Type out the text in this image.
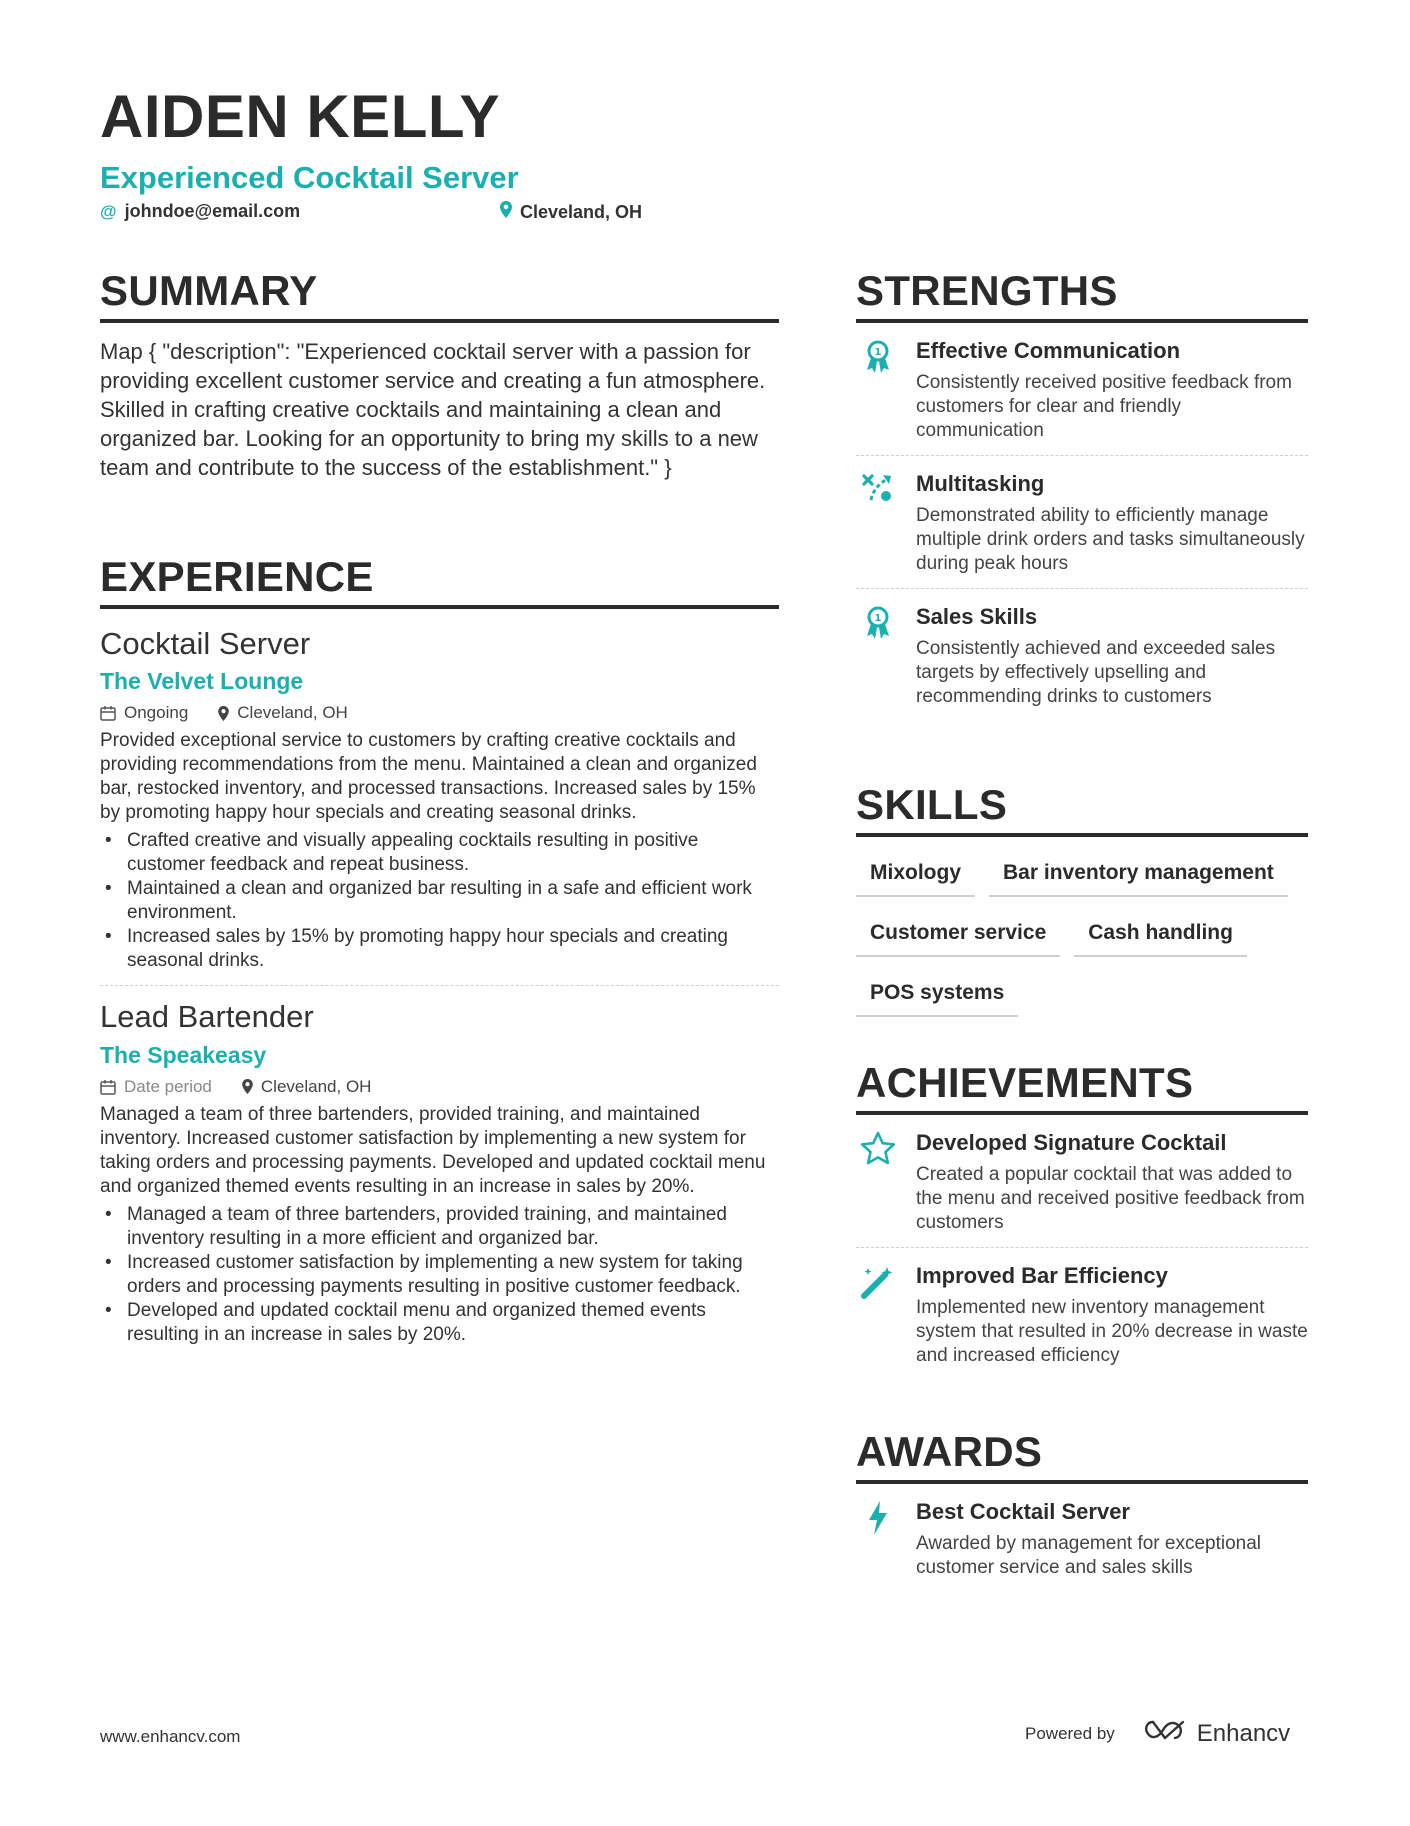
AIDEN KELLY
Experienced Cocktail Server
@ johndoe@email.com	Cleveland, OH
SUMMARY
Map { "description": "Experienced cocktail server with a passion for providing excellent customer service and creating a fun atmosphere. Skilled in crafting creative cocktails and maintaining a clean and organized bar. Looking for an opportunity to bring my skills to a new team and contribute to the success of the establishment." }
EXPERIENCE
Cocktail Server
The Velvet Lounge
Ongoing	Cleveland, OH
Provided exceptional service to customers by crafting creative cocktails and providing recommendations from the menu. Maintained a clean and organized bar, restocked inventory, and processed transactions. Increased sales by 15% by promoting happy hour specials and creating seasonal drinks.
• Crafted creative and visually appealing cocktails resulting in positive customer feedback and repeat business.
• Maintained a clean and organized bar resulting in a safe and efficient work environment.
• Increased sales by 15% by promoting happy hour specials and creating seasonal drinks.
Lead Bartender
The Speakeasy
Date period	Cleveland, OH
Managed a team of three bartenders, provided training, and maintained inventory. Increased customer satisfaction by implementing a new system for taking orders and processing payments. Developed and updated cocktail menu and organized themed events resulting in an increase in sales by 20%.
• Managed a team of three bartenders, provided training, and maintained inventory resulting in a more efficient and organized bar.
• Increased customer satisfaction by implementing a new system for taking orders and processing payments resulting in positive customer feedback.
• Developed and updated cocktail menu and organized themed events resulting in an increase in sales by 20%.
STRENGTHS
1 Effective Communication
Consistently received positive feedback from customers for clear and friendly communication
Multitasking
Demonstrated ability to efficiently manage multiple drink orders and tasks simultaneously during peak hours
1 Sales Skills
Consistently achieved and exceeded sales targets by effectively upselling and recommending drinks to customers
SKILLS
Mixology	Bar inventory management
Customer service	Cash handling
POS systems
ACHIEVEMENTS
Developed Signature Cocktail
Created a popular cocktail that was added to the menu and received positive feedback from customers
Improved Bar Efficiency
Implemented new inventory management system that resulted in 20% decrease in waste and increased efficiency
AWARDS
Best Cocktail Server
Awarded by management for exceptional customer service and sales skills
www.enhancv.com	Powered by	Enhancv
